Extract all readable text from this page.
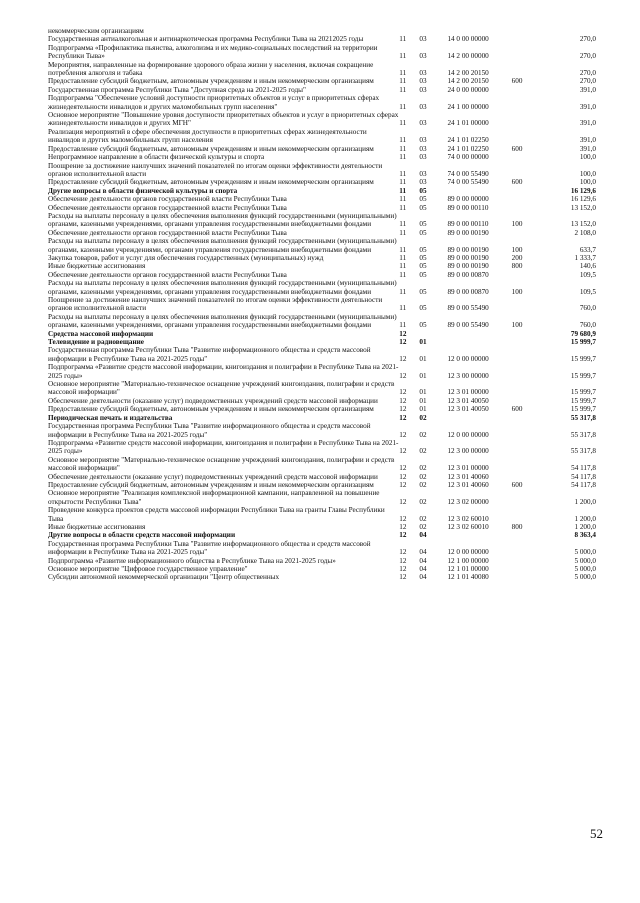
некоммерческим организациям					
Государственная антиалкогольная и антинаркотическая программа Республики Тыва на 20212025 годы	11	03	14 0 00 00000		270,0
Подпрограмма «Профилактика пьянства, алкоголизма и их медико-социальных последствий на территории Республики Тыва»	11	03	14 2 00 00000		270,0
Мероприятия, направленные на формирование здорового образа жизни у населения, включая сокращение потребления алкоголя и табака	11	03	14 2 00 20150		270,0
Предоставление субсидий бюджетным, автономным учреждениям и иным некоммерческим организациям	11	03	14 2 00 20150	600	270,0
Государственная программа Республики Тыва "Доступная среда на 2021-2025 годы"	11	03	24 0 00 00000		391,0
Подпрограмма "Обеспечение условий доступности приоритетных объектов и услуг в приоритетных сферах жизнедеятельности инвалидов и других маломобильных групп населения"	11	03	24 1 00 00000		391,0
Основное мероприятие "Повышение уровня доступности приоритетных объектов и услуг в приоритетных сферах жизнедеятельности инвалидов и других МГН"	11	03	24 1 01 00000		391,0
Реализация мероприятий в сфере обеспечения доступности в приоритетных сферах жизнедеятельности инвалидов и других маломобильных групп населения	11	03	24 1 01 02250		391,0
Предоставление субсидий бюджетным, автономным учреждениям и иным некоммерческим организациям	11	03	24 1 01 02250	600	391,0
Непрограммное направление в области физической культуры и спорта	11	03	74 0 00 00000		100,0
Поощрение за достижение наилучших значений показателей по итогам оценки эффективности деятельности органов исполнительной власти	11	03	74 0 00 55490		100,0
Предоставление субсидий бюджетным, автономным учреждениям и иным некоммерческим организациям	11	03	74 0 00 55490	600	100,0
Другие вопросы в области физической культуры и спорта	11	05			16 129,6
Обеспечение деятельности органов государственной власти Республики Тыва	11	05	89 0 00 00000		16 129,6
Обеспечение деятельности органов государственной власти Республики Тыва	11	05	89 0 00 00110		13 152,0
Расходы на выплаты персоналу в целях обеспечения выполнения функций государственными (муниципальными) органами, казенными учреждениями, органами управления государственными внебюджетными фондами	11	05	89 0 00 00110	100	13 152,0
Обеспечение деятельности органов государственной власти Республики Тыва	11	05	89 0 00 00190		2 108,0
Расходы на выплаты персоналу в целях обеспечения выполнения функций государственными (муниципальными) органами, казенными учреждениями, органами управления государственными внебюджетными фондами	11	05	89 0 00 00190	100	633,7
Закупка товаров, работ и услуг для обеспечения государственных (муниципальных) нужд	11	05	89 0 00 00190	200	1 333,7
Иные бюджетные ассигнования	11	05	89 0 00 00190	800	140,6
Обеспечение деятельности органов государственной власти Республики Тыва	11	05	89 0 00 00870		109,5
Расходы на выплаты персоналу в целях обеспечения выполнения функций государственными (муниципальными) органами, казенными учреждениями, органами управления государственными внебюджетными фондами	11	05	89 0 00 00870	100	109,5
Поощрение за достижение наилучших значений показателей по итогам оценки эффективности деятельности органов исполнительной власти	11	05	89 0 00 55490		760,0
Расходы на выплаты персоналу в целях обеспечения выполнения функций государственными (муниципальными) органами, казенными учреждениями, органами управления государственными внебюджетными фондами	11	05	89 0 00 55490	100	760,0
Средства массовой информации	12				79 680,9
Телевидение и радиовещание	12	01			15 999,7
Государственная программа Республики Тыва "Развитие информационного общества и средств массовой информации в Республике Тыва на 2021-2025 годы"	12	01	12 0 00 00000		15 999,7
Подпрограмма «Развитие средств массовой информации, книгоиздания и полиграфии в Республике Тыва на 2021-2025 годы»	12	01	12 3 00 00000		15 999,7
Основное мероприятие "Материально-техническое оснащение учреждений книгоиздания, полиграфии и средств массовой информации"	12	01	12 3 01 00000		15 999,7
Обеспечение деятельности (оказание услуг) подведомственных учреждений средств массовой информации	12	01	12 3 01 40050		15 999,7
Предоставление субсидий бюджетным, автономным учреждениям и иным некоммерческим организациям	12	01	12 3 01 40050	600	15 999,7
Периодическая печать и издательства	12	02			55 317,8
Государственная программа Республики Тыва "Развитие информационного общества и средств массовой информации в Республике Тыва на 2021-2025 годы"	12	02	12 0 00 00000		55 317,8
Подпрограмма «Развитие средств массовой информации, книгоиздания и полиграфии в Республике Тыва на 2021-2025 годы»	12	02	12 3 00 00000		55 317,8
Основное мероприятие "Материально-техническое оснащение учреждений книгоиздания, полиграфии и средств массовой информации"	12	02	12 3 01 00000		54 117,8
Обеспечение деятельности (оказание услуг) подведомственных учреждений средств массовой информации	12	02	12 3 01 40060		54 117,8
Предоставление субсидий бюджетным, автономным учреждениям и иным некоммерческим организациям	12	02	12 3 01 40060	600	54 117,8
Основное мероприятие "Реализация комплексной информационной кампании, направленной на повышение открытости Республики Тыва"	12	02	12 3 02 00000		1 200,0
Проведение конкурса проектов средств массовой информации Республики Тыва на гранты Главы Республики Тыва	12	02	12 3 02 60010		1 200,0
Иные бюджетные ассигнования	12	02	12 3 02 60010	800	1 200,0
Другие вопросы в области средств массовой информации	12	04			8 363,4
Государственная программа Республики Тыва "Развитие информационного общества и средств массовой информации в Республике Тыва на 2021-2025 годы"	12	04	12 0 00 00000		5 000,0
Подпрограмма «Развитие информационного общества в Республике Тыва на 2021-2025 годы»	12	04	12 1 00 00000		5 000,0
Основное мероприятие "Цифровое государственное управление"	12	04	12 1 01 00000		5 000,0
Субсидии автономной некоммерческой организации "Центр общественных	12	04	12 1 01 40080		5 000,0
52
